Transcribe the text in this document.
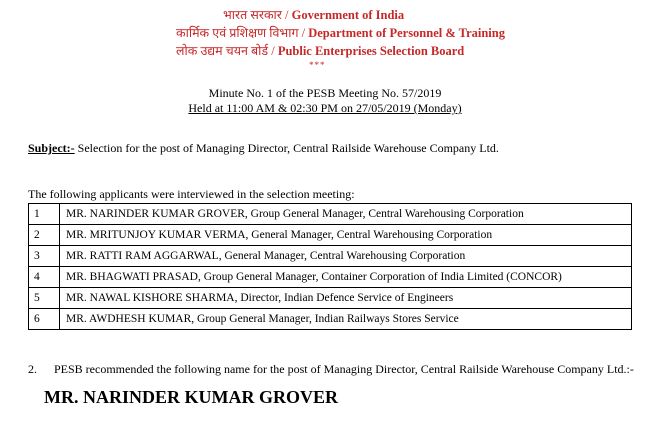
भारत सरकार / Government of India
कार्मिक एवं प्रशिक्षण विभाग / Department of Personnel & Training
लोक उद्यम चयन बोर्ड / Public Enterprises Selection Board
***
Minute No. 1 of the PESB Meeting No. 57/2019
Held at 11:00 AM & 02:30 PM on 27/05/2019 (Monday)
Subject:- Selection for the post of Managing Director, Central Railside Warehouse Company Ltd.
The following applicants were interviewed in the selection meeting:
1	MR. NARINDER KUMAR GROVER, Group General Manager, Central Warehousing Corporation
2	MR. MRITUNJOY KUMAR VERMA, General Manager, Central Warehousing Corporation
3	MR. RATTI RAM AGGARWAL, General Manager, Central Warehousing Corporation
4	MR. BHAGWATI PRASAD, Group General Manager, Container Corporation of India Limited (CONCOR)
5	MR. NAWAL KISHORE SHARMA, Director, Indian Defence Service of Engineers
6	MR. AWDHESH KUMAR, Group General Manager, Indian Railways Stores Service
2. PESB recommended the following name for the post of Managing Director, Central Railside Warehouse Company Ltd.:-
MR. NARINDER KUMAR GROVER
